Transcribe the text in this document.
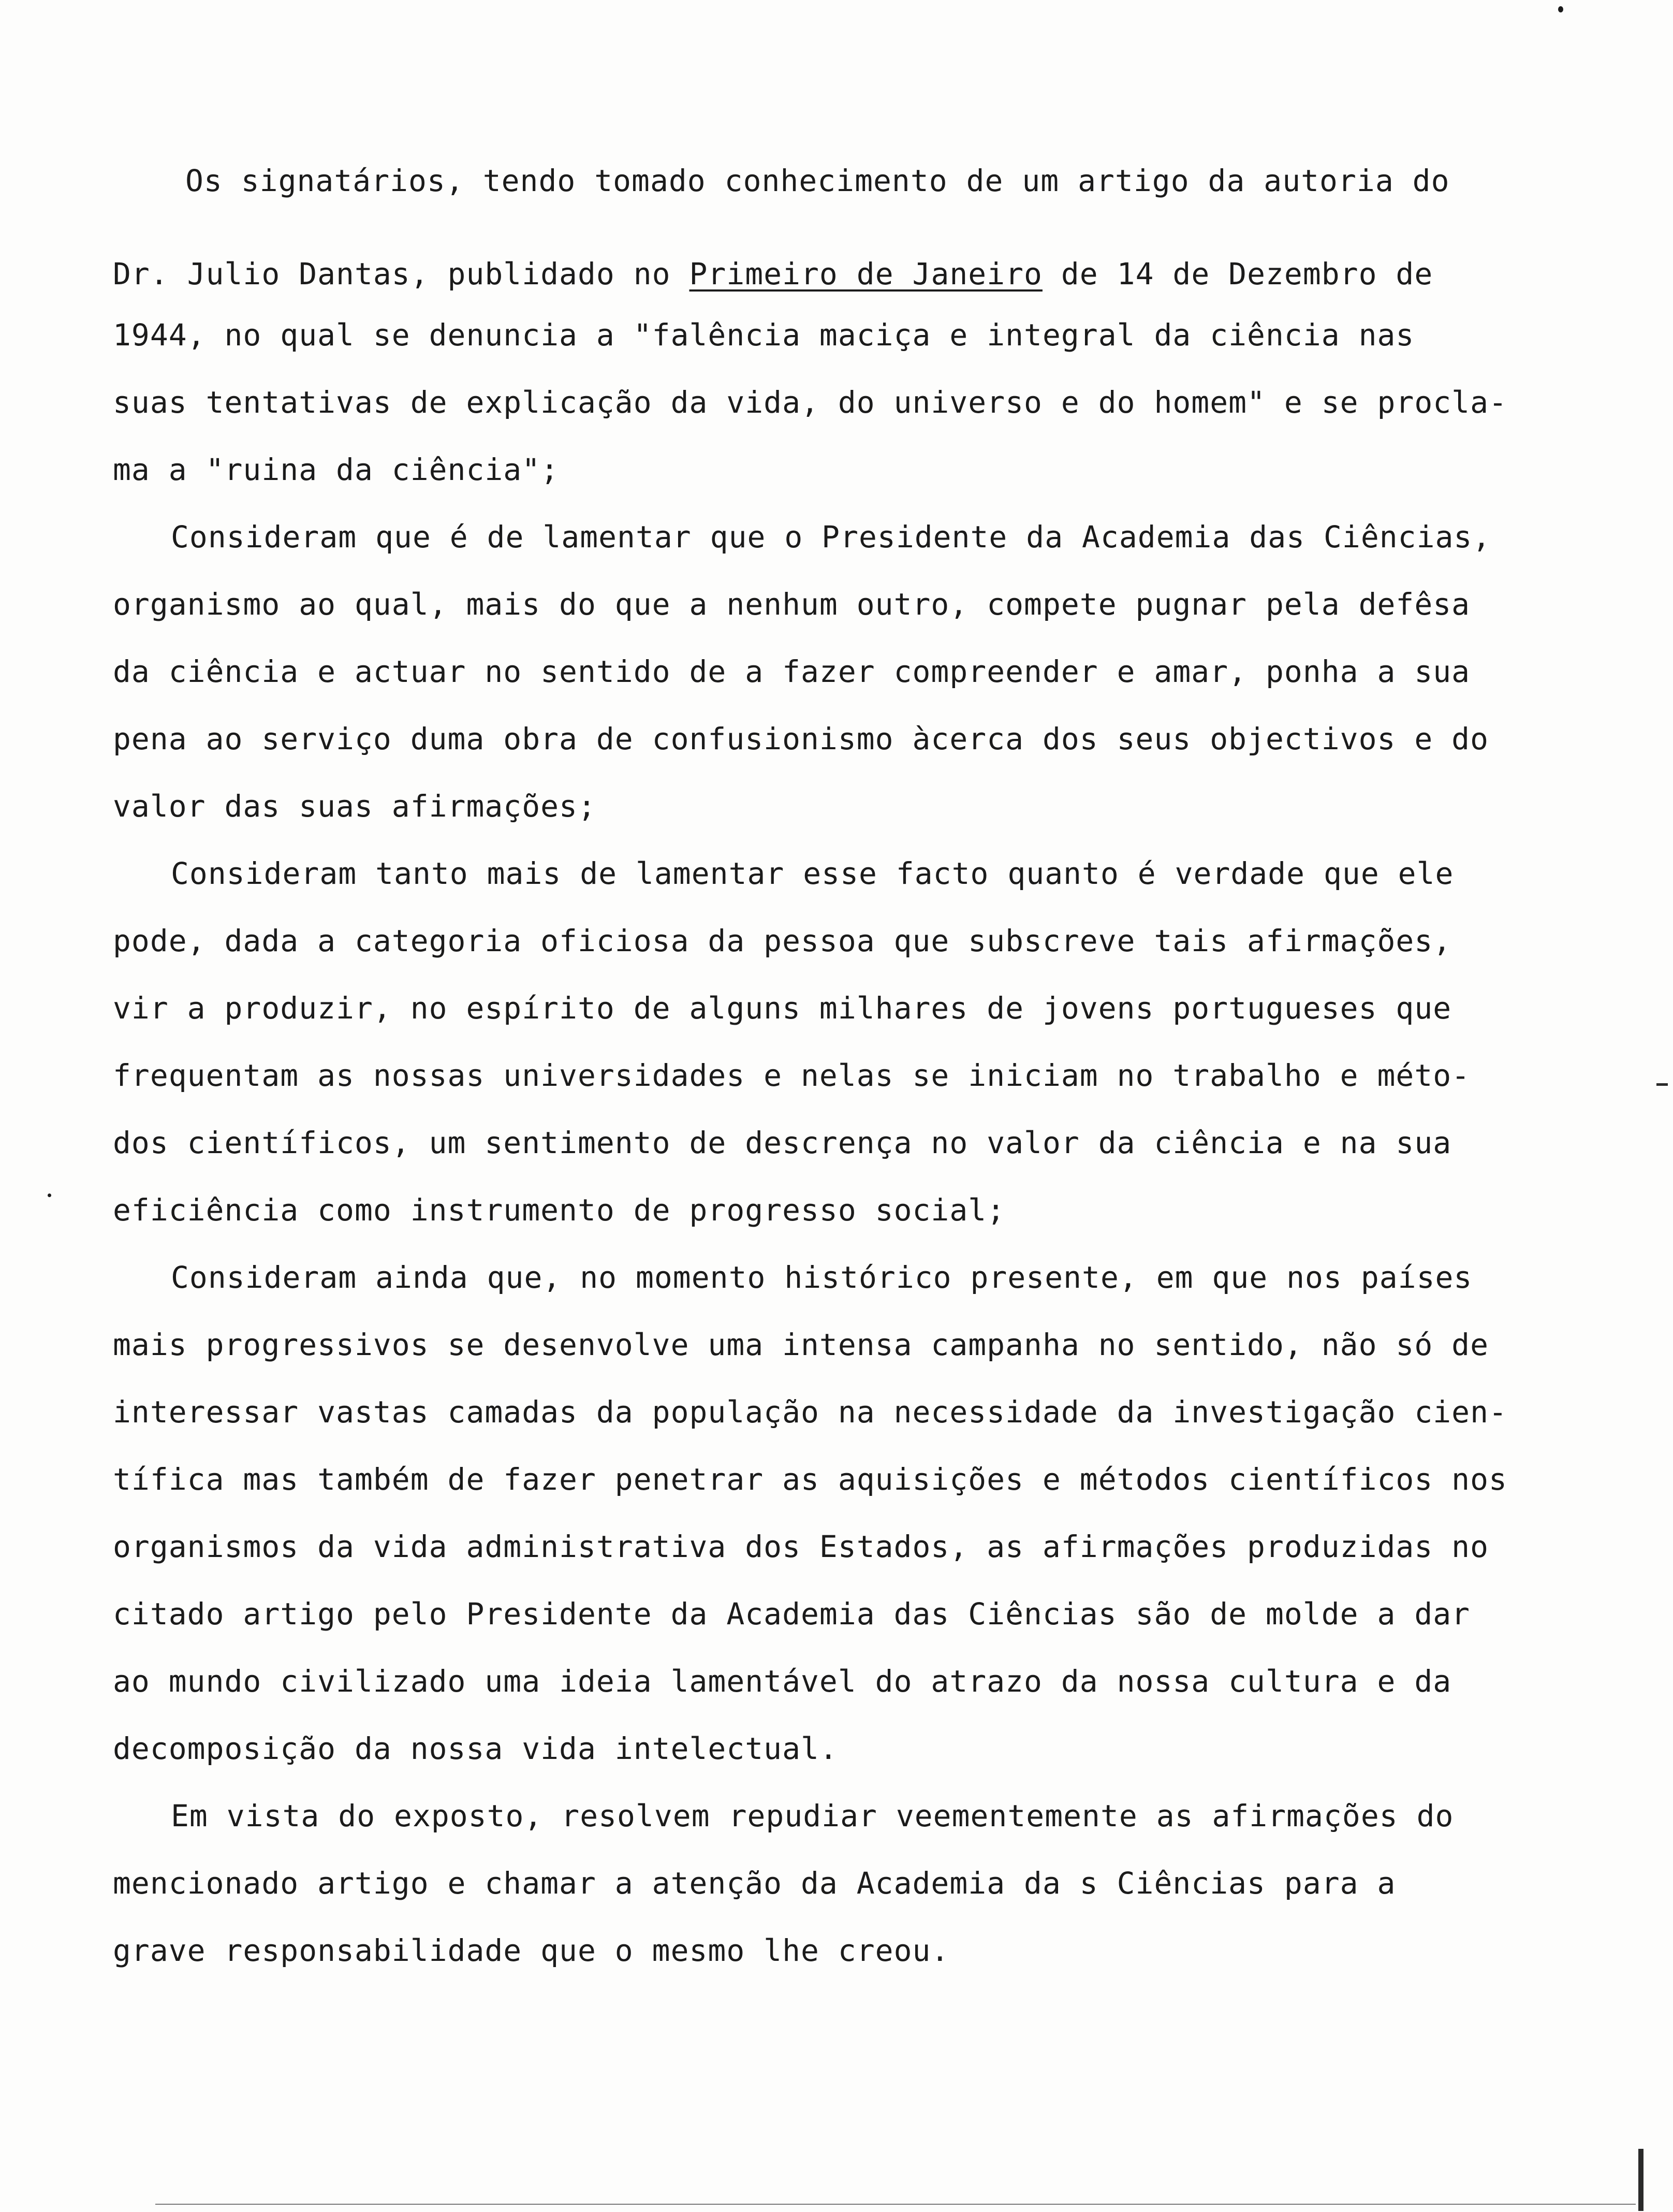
Os signatários, tendo tomado conhecimento de um artigo da autoria do
Dr. Julio Dantas, publidado no Primeiro de Janeiro de 14 de Dezembro de
1944, no qual se denuncia a "falência maciça e integral da ciência nas
suas tentativas de explicação da vida, do universo e do homem" e se procla-
ma a "ruina da ciência";
Consideram que é de lamentar que o Presidente da Academia das Ciências,
organismo ao qual, mais do que a nenhum outro, compete pugnar pela defêsa
da ciência e actuar no sentido de a fazer compreender e amar, ponha a sua
pena ao serviço duma obra de confusionismo àcerca dos seus objectivos e do
valor das suas afirmações;
Consideram tanto mais de lamentar esse facto quanto é verdade que ele
pode, dada a categoria oficiosa da pessoa que subscreve tais afirmações,
vir a produzir, no espírito de alguns milhares de jovens portugueses que
frequentam as nossas universidades e nelas se iniciam no trabalho e méto-
dos científicos, um sentimento de descrença no valor da ciência e na sua
eficiência como instrumento de progresso social;
Consideram ainda que, no momento histórico presente, em que nos países
mais progressivos se desenvolve uma intensa campanha no sentido, não só de
interessar vastas camadas da população na necessidade da investigação cien-
tífica mas também de fazer penetrar as aquisições e métodos científicos nos
organismos da vida administrativa dos Estados, as afirmações produzidas no
citado artigo pelo Presidente da Academia das Ciências são de molde a dar
ao mundo civilizado uma ideia lamentável do atrazo da nossa cultura e da
decomposição da nossa vida intelectual.
Em vista do exposto, resolvem repudiar veementemente as afirmações do
mencionado artigo e chamar a atenção da Academia da s Ciências para a
grave responsabilidade que o mesmo lhe creou.
